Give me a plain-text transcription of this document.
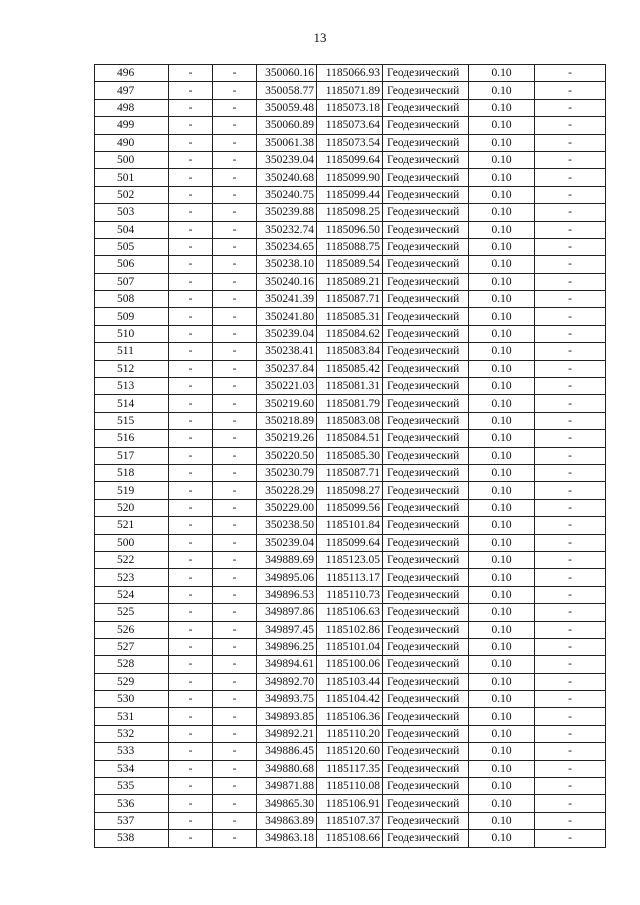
13
496	-	-	350060.16	1185066.93	Геодезический	0.10	-
497	-	-	350058.77	1185071.89	Геодезический	0.10	-
498	-	-	350059.48	1185073.18	Геодезический	0.10	-
499	-	-	350060.89	1185073.64	Геодезический	0.10	-
490	-	-	350061.38	1185073.54	Геодезический	0.10	-
500	-	-	350239.04	1185099.64	Геодезический	0.10	-
501	-	-	350240.68	1185099.90	Геодезический	0.10	-
502	-	-	350240.75	1185099.44	Геодезический	0.10	-
503	-	-	350239.88	1185098.25	Геодезический	0.10	-
504	-	-	350232.74	1185096.50	Геодезический	0.10	-
505	-	-	350234.65	1185088.75	Геодезический	0.10	-
506	-	-	350238.10	1185089.54	Геодезический	0.10	-
507	-	-	350240.16	1185089.21	Геодезический	0.10	-
508	-	-	350241.39	1185087.71	Геодезический	0.10	-
509	-	-	350241.80	1185085.31	Геодезический	0.10	-
510	-	-	350239.04	1185084.62	Геодезический	0.10	-
511	-	-	350238.41	1185083.84	Геодезический	0.10	-
512	-	-	350237.84	1185085.42	Геодезический	0.10	-
513	-	-	350221.03	1185081.31	Геодезический	0.10	-
514	-	-	350219.60	1185081.79	Геодезический	0.10	-
515	-	-	350218.89	1185083.08	Геодезический	0.10	-
516	-	-	350219.26	1185084.51	Геодезический	0.10	-
517	-	-	350220.50	1185085.30	Геодезический	0.10	-
518	-	-	350230.79	1185087.71	Геодезический	0.10	-
519	-	-	350228.29	1185098.27	Геодезический	0.10	-
520	-	-	350229.00	1185099.56	Геодезический	0.10	-
521	-	-	350238.50	1185101.84	Геодезический	0.10	-
500	-	-	350239.04	1185099.64	Геодезический	0.10	-
522	-	-	349889.69	1185123.05	Геодезический	0.10	-
523	-	-	349895.06	1185113.17	Геодезический	0.10	-
524	-	-	349896.53	1185110.73	Геодезический	0.10	-
525	-	-	349897.86	1185106.63	Геодезический	0.10	-
526	-	-	349897.45	1185102.86	Геодезический	0.10	-
527	-	-	349896.25	1185101.04	Геодезический	0.10	-
528	-	-	349894.61	1185100.06	Геодезический	0.10	-
529	-	-	349892.70	1185103.44	Геодезический	0.10	-
530	-	-	349893.75	1185104.42	Геодезический	0.10	-
531	-	-	349893.85	1185106.36	Геодезический	0.10	-
532	-	-	349892.21	1185110.20	Геодезический	0.10	-
533	-	-	349886.45	1185120.60	Геодезический	0.10	-
534	-	-	349880.68	1185117.35	Геодезический	0.10	-
535	-	-	349871.88	1185110.08	Геодезический	0.10	-
536	-	-	349865.30	1185106.91	Геодезический	0.10	-
537	-	-	349863.89	1185107.37	Геодезический	0.10	-
538	-	-	349863.18	1185108.66	Геодезический	0.10	-
